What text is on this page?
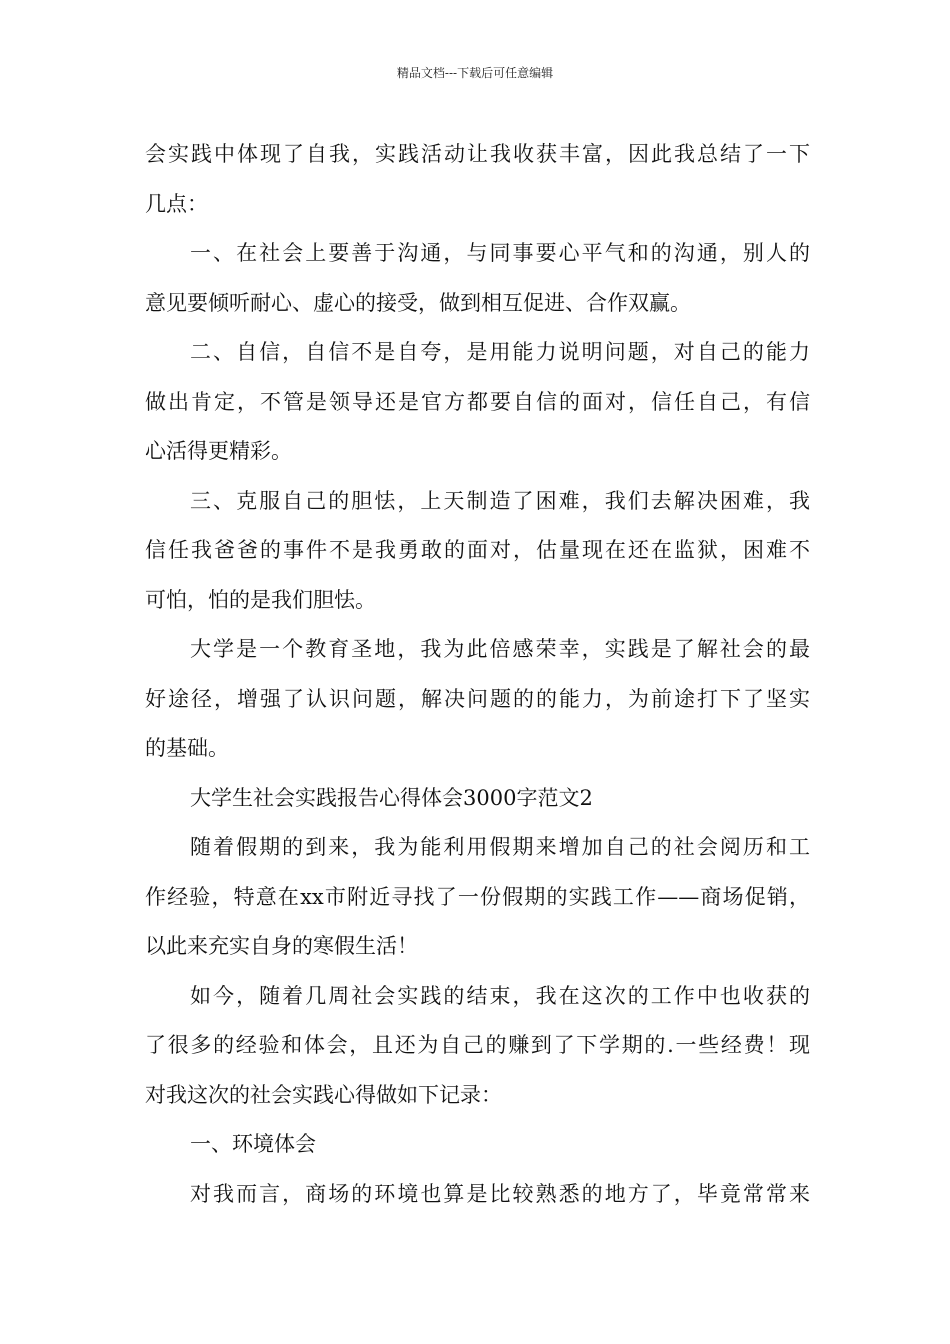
精品文档---下载后可任意编辑
会实践中体现了自我，实践活动让我收获丰富，因此我总结了一下
几点：
一、在社会上要善于沟通，与同事要心平气和的沟通，别人的
意见要倾听耐心、虚心的接受，做到相互促进、合作双赢。
二、自信，自信不是自夸，是用能力说明问题，对自己的能力
做出肯定，不管是领导还是官方都要自信的面对，信任自己，有信
心活得更精彩。
三、克服自己的胆怯，上天制造了困难，我们去解决困难，我
信任我爸爸的事件不是我勇敢的面对，估量现在还在监狱，困难不
可怕，怕的是我们胆怯。
大学是一个教育圣地，我为此倍感荣幸，实践是了解社会的最
好途径，增强了认识问题，解决问题的的能力，为前途打下了坚实
的基础。
大学生社会实践报告心得体会3000字范文2
随着假期的到来，我为能利用假期来增加自己的社会阅历和工
作经验，特意在xx市附近寻找了一份假期的实践工作——商场促销，
以此来充实自身的寒假生活！
如今，随着几周社会实践的结束，我在这次的工作中也收获的
了很多的经验和体会，且还为自己的赚到了下学期的.一些经费！现
对我这次的社会实践心得做如下记录：
一、环境体会
对我而言，商场的环境也算是比较熟悉的地方了，毕竟常常来
